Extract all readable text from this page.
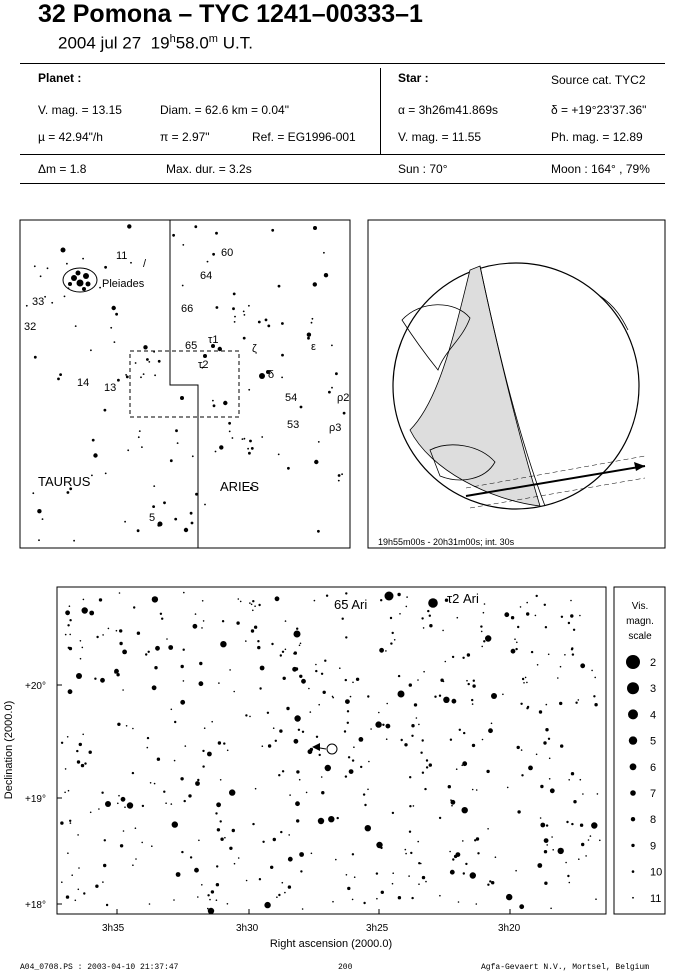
32 Pomona – TYC 1241–00333–1
2004 jul 27 19$^h$58.0$^m$ U.T.
Planet :
V. mag. = 13.15	Diam. = 62.6 km = 0.04"
µ = 42.94"/h	π = 2.97"	Ref. = EG1996-001
Star :	Source cat. TYC2
α = 3h26m41.869s	δ = +19°23'37.36"
V. mag. = 11.55	Ph. mag. = 12.89
Δm = 1.8	Max. dur. = 3.2s	Sun : 70°	Moon : 164° , 79%
TAURUS	ARIES
Pleiades
11
/
60
64
33
32
66
τ1
65	ζ	ε
τ2
δ
14 13
54	ρ2
53	ρ3
5
19h55m00s - 20h31m00s; int. 30s
65 Ari	τ2 Ari
+20°
+19°
+18°
3h35	3h30	3h25	3h20
Right ascension (2000.0)
Declination (2000.0)
Vis.
magn.
scale
2
3
4
5
6
7
8
9
10
11
A04_0708.PS : 2003-04-10 21:37:47	200	Agfa-Gevaert N.V., Mortsel, Belgium
